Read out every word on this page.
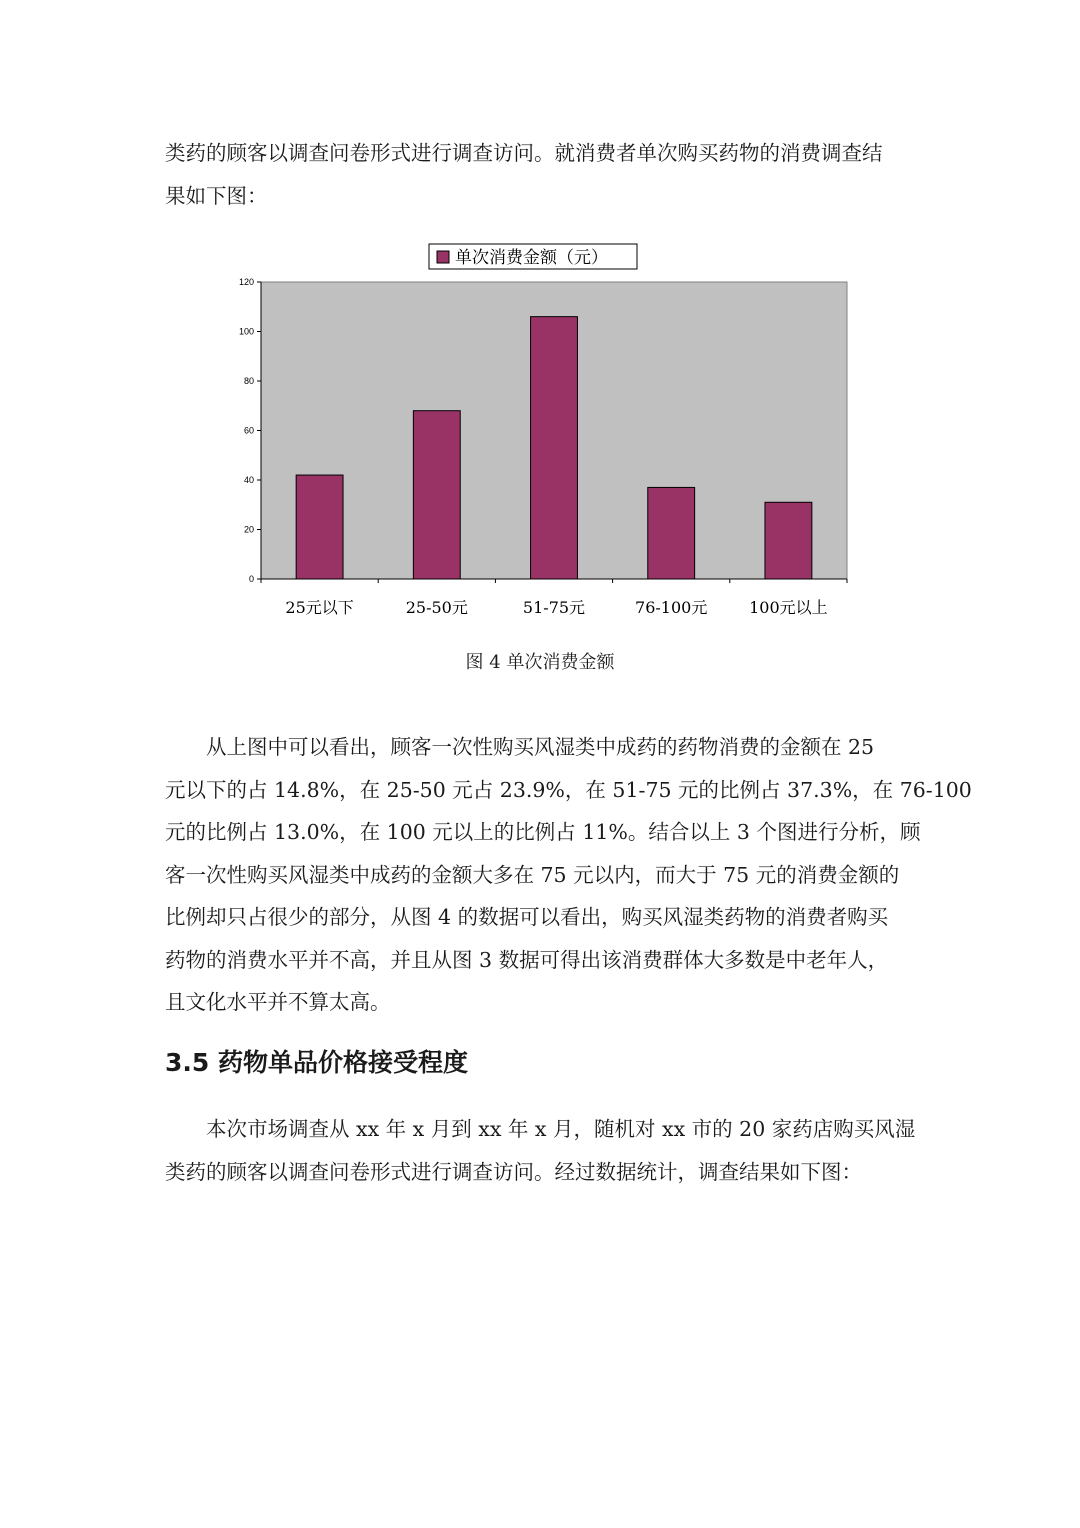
类药的顾客以调查问卷形式进行调查访问。就消费者单次购买药物的消费调查结
果如下图：
0
20
40
60
80
100
120
25元以下	25-50元	51-75元	76-100元	100元以上
单次消费金额（元）
图 4 单次消费金额
从上图中可以看出，顾客一次性购买风湿类中成药的药物消费的金额在 25
元以下的占 14.8%，在 25-50 元占 23.9%，在 51-75 元的比例占 37.3%，在 76-100
元的比例占 13.0%，在 100 元以上的比例占 11%。结合以上 3 个图进行分析，顾
客一次性购买风湿类中成药的金额大多在 75 元以内，而大于 75 元的消费金额的
比例却只占很少的部分，从图 4 的数据可以看出，购买风湿类药物的消费者购买
药物的消费水平并不高，并且从图 3 数据可得出该消费群体大多数是中老年人，
且文化水平并不算太高。
3.5 药物单品价格接受程度
本次市场调查从 xx 年 x 月到 xx 年 x 月，随机对 xx 市的 20 家药店购买风湿
类药的顾客以调查问卷形式进行调查访问。经过数据统计，调查结果如下图：
